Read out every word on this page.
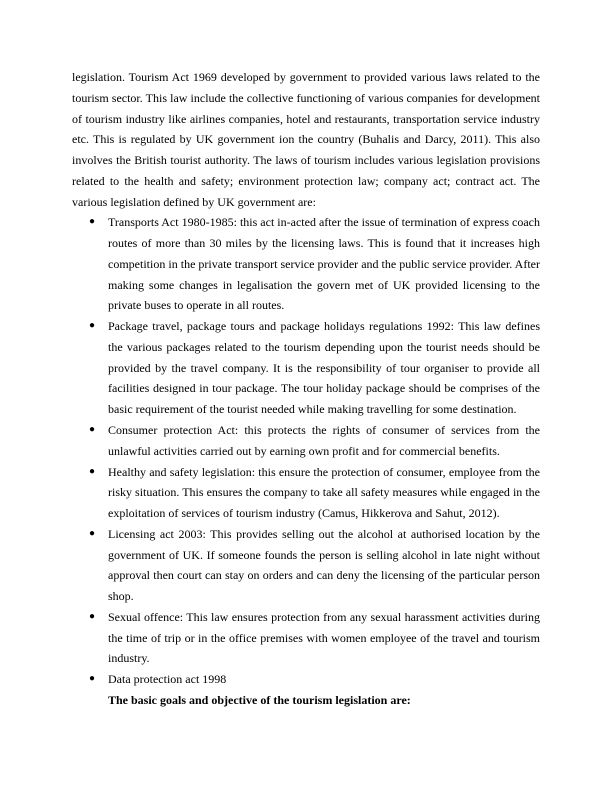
legislation. Tourism Act 1969 developed by government to provided various laws related to the tourism sector. This law include the collective functioning of various companies for development of tourism industry like airlines companies, hotel and restaurants, transportation service industry etc. This is regulated by UK government ion the country (Buhalis and Darcy, 2011). This also involves the British tourist authority. The laws of tourism includes various legislation provisions related to the health and safety; environment protection law; company act; contract act. The various legislation defined by UK government are:

● Transports Act 1980-1985: this act in-acted after the issue of termination of express coach routes of more than 30 miles by the licensing laws. This is found that it increases high competition in the private transport service provider and the public service provider. After making some changes in legalisation the govern met of UK provided licensing to the private buses to operate in all routes.
● Package travel, package tours and package holidays regulations 1992: This law defines the various packages related to the tourism depending upon the tourist needs should be provided by the travel company. It is the responsibility of tour organiser to provide all facilities designed in tour package. The tour holiday package should be comprises of the basic requirement of the tourist needed while making travelling for some destination.
● Consumer protection Act: this protects the rights of consumer of services from the unlawful activities carried out by earning own profit and for commercial benefits.
● Healthy and safety legislation: this ensure the protection of consumer, employee from the risky situation. This ensures the company to take all safety measures while engaged in the exploitation of services of tourism industry (Camus, Hikkerova and Sahut, 2012).
● Licensing act 2003: This provides selling out the alcohol at authorised location by the government of UK. If someone founds the person is selling alcohol in late night without approval then court can stay on orders and can deny the licensing of the particular person shop.
● Sexual offence: This law ensures protection from any sexual harassment activities during the time of trip or in the office premises with women employee of the travel and tourism industry.
● Data protection act 1998

The basic goals and objective of the tourism legislation are:
